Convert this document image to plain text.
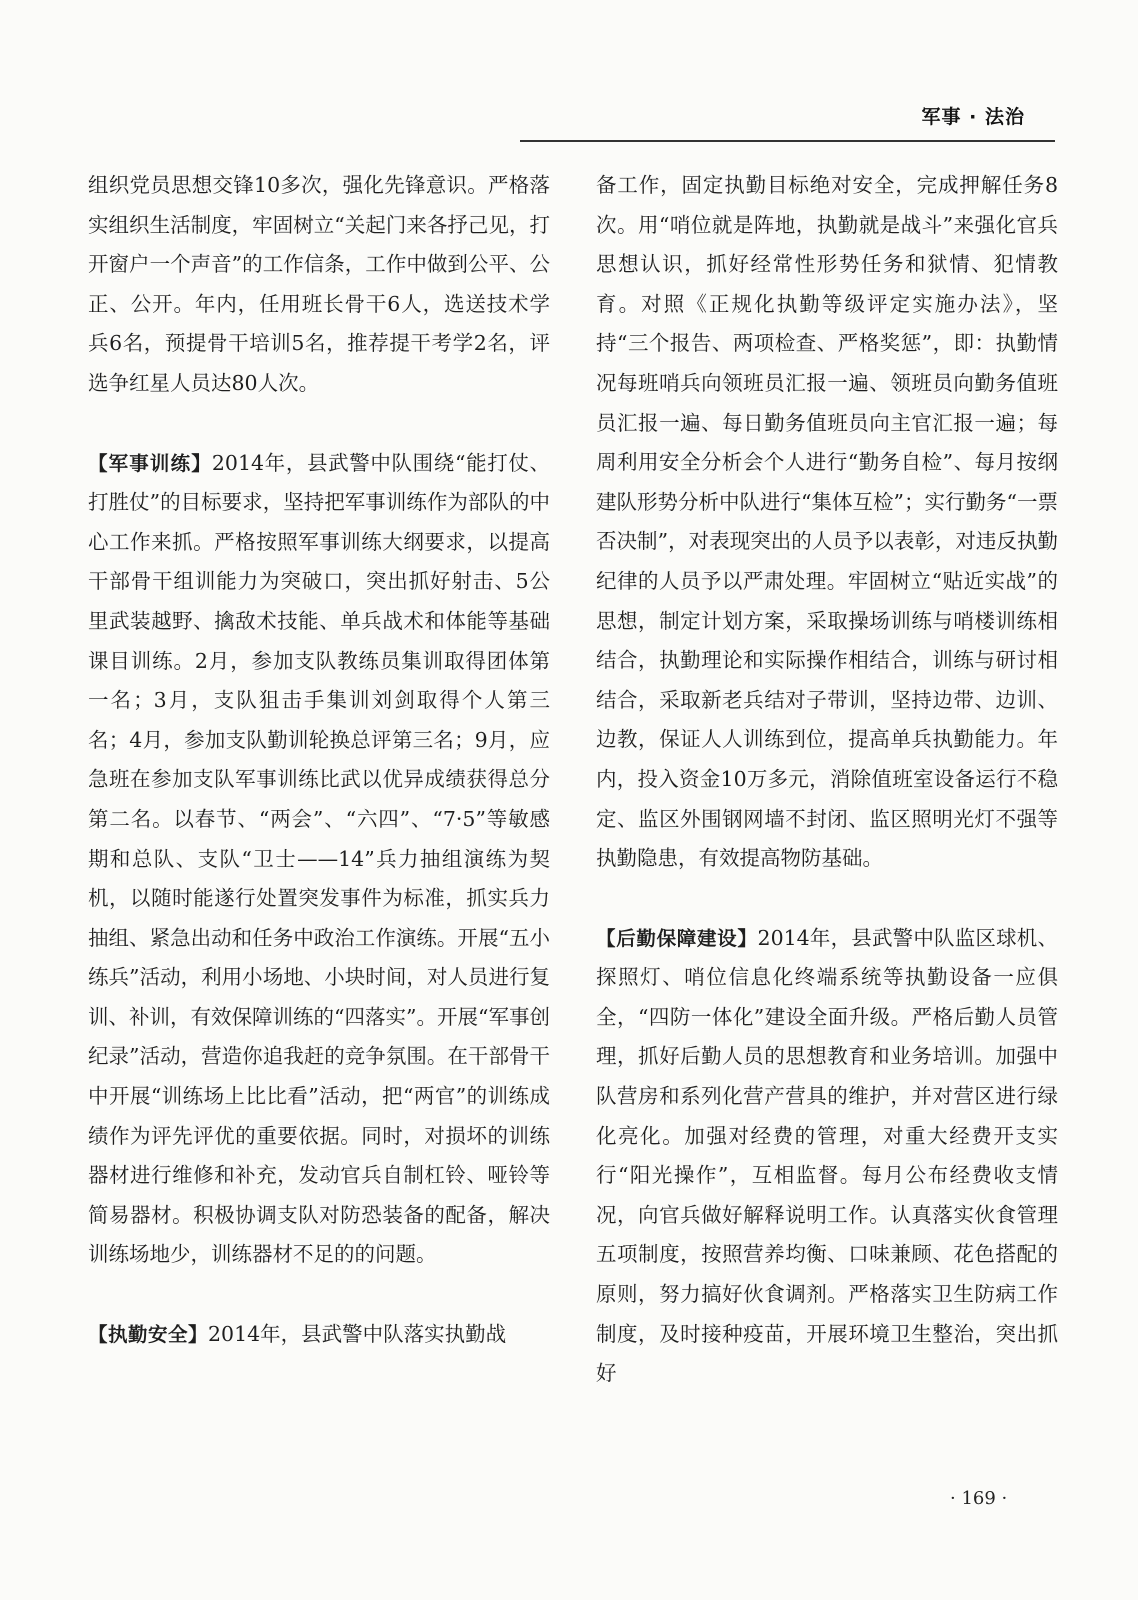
军事 · 法治

组织党员思想交锋10多次，强化先锋意识。严格落实组织生活制度，牢固树立“关起门来各抒己见，打开窗户一个声音”的工作信条，工作中做到公平、公正、公开。年内，任用班长骨干6人，选送技术学兵6名，预提骨干培训5名，推荐提干考学2名，评选争红星人员达80人次。

【军事训练】2014年，县武警中队围绕“能打仗、打胜仗”的目标要求，坚持把军事训练作为部队的中心工作来抓。严格按照军事训练大纲要求，以提高干部骨干组训能力为突破口，突出抓好射击、5公里武装越野、擒敌术技能、单兵战术和体能等基础课目训练。2月，参加支队教练员集训取得团体第一名；3月，支队狙击手集训刘剑取得个人第三名；4月，参加支队勤训轮换总评第三名；9月，应急班在参加支队军事训练比武以优异成绩获得总分第二名。以春节、“两会”、“六四”、“7·5”等敏感期和总队、支队“卫士——14”兵力抽组演练为契机，以随时能遂行处置突发事件为标准，抓实兵力抽组、紧急出动和任务中政治工作演练。开展“五小练兵”活动，利用小场地、小块时间，对人员进行复训、补训，有效保障训练的“四落实”。开展“军事创纪录”活动，营造你追我赶的竞争氛围。在干部骨干中开展“训练场上比比看”活动，把“两官”的训练成绩作为评先评优的重要依据。同时，对损坏的训练器材进行维修和补充，发动官兵自制杠铃、哑铃等简易器材。积极协调支队对防恐装备的配备，解决训练场地少，训练器材不足的的问题。

【执勤安全】2014年，县武警中队落实执勤战

备工作，固定执勤目标绝对安全，完成押解任务8次。用“哨位就是阵地，执勤就是战斗”来强化官兵思想认识，抓好经常性形势任务和狱情、犯情教育。对照《正规化执勤等级评定实施办法》，坚持“三个报告、两项检查、严格奖惩”，即：执勤情况每班哨兵向领班员汇报一遍、领班员向勤务值班员汇报一遍、每日勤务值班员向主官汇报一遍；每周利用安全分析会个人进行“勤务自检”、每月按纲建队形势分析中队进行“集体互检”；实行勤务“一票否决制”，对表现突出的人员予以表彰，对违反执勤纪律的人员予以严肃处理。牢固树立“贴近实战”的思想，制定计划方案，采取操场训练与哨楼训练相结合，执勤理论和实际操作相结合，训练与研讨相结合，采取新老兵结对子带训，坚持边带、边训、边教，保证人人训练到位，提高单兵执勤能力。年内，投入资金10万多元，消除值班室设备运行不稳定、监区外围钢网墙不封闭、监区照明光灯不强等执勤隐患，有效提高物防基础。

【后勤保障建设】2014年，县武警中队监区球机、探照灯、哨位信息化终端系统等执勤设备一应俱全，“四防一体化”建设全面升级。严格后勤人员管理，抓好后勤人员的思想教育和业务培训。加强中队营房和系列化营产营具的维护，并对营区进行绿化亮化。加强对经费的管理，对重大经费开支实行“阳光操作”，互相监督。每月公布经费收支情况，向官兵做好解释说明工作。认真落实伙食管理五项制度，按照营养均衡、口味兼顾、花色搭配的原则，努力搞好伙食调剂。严格落实卫生防病工作制度，及时接种疫苗，开展环境卫生整治，突出抓好

· 169 ·
